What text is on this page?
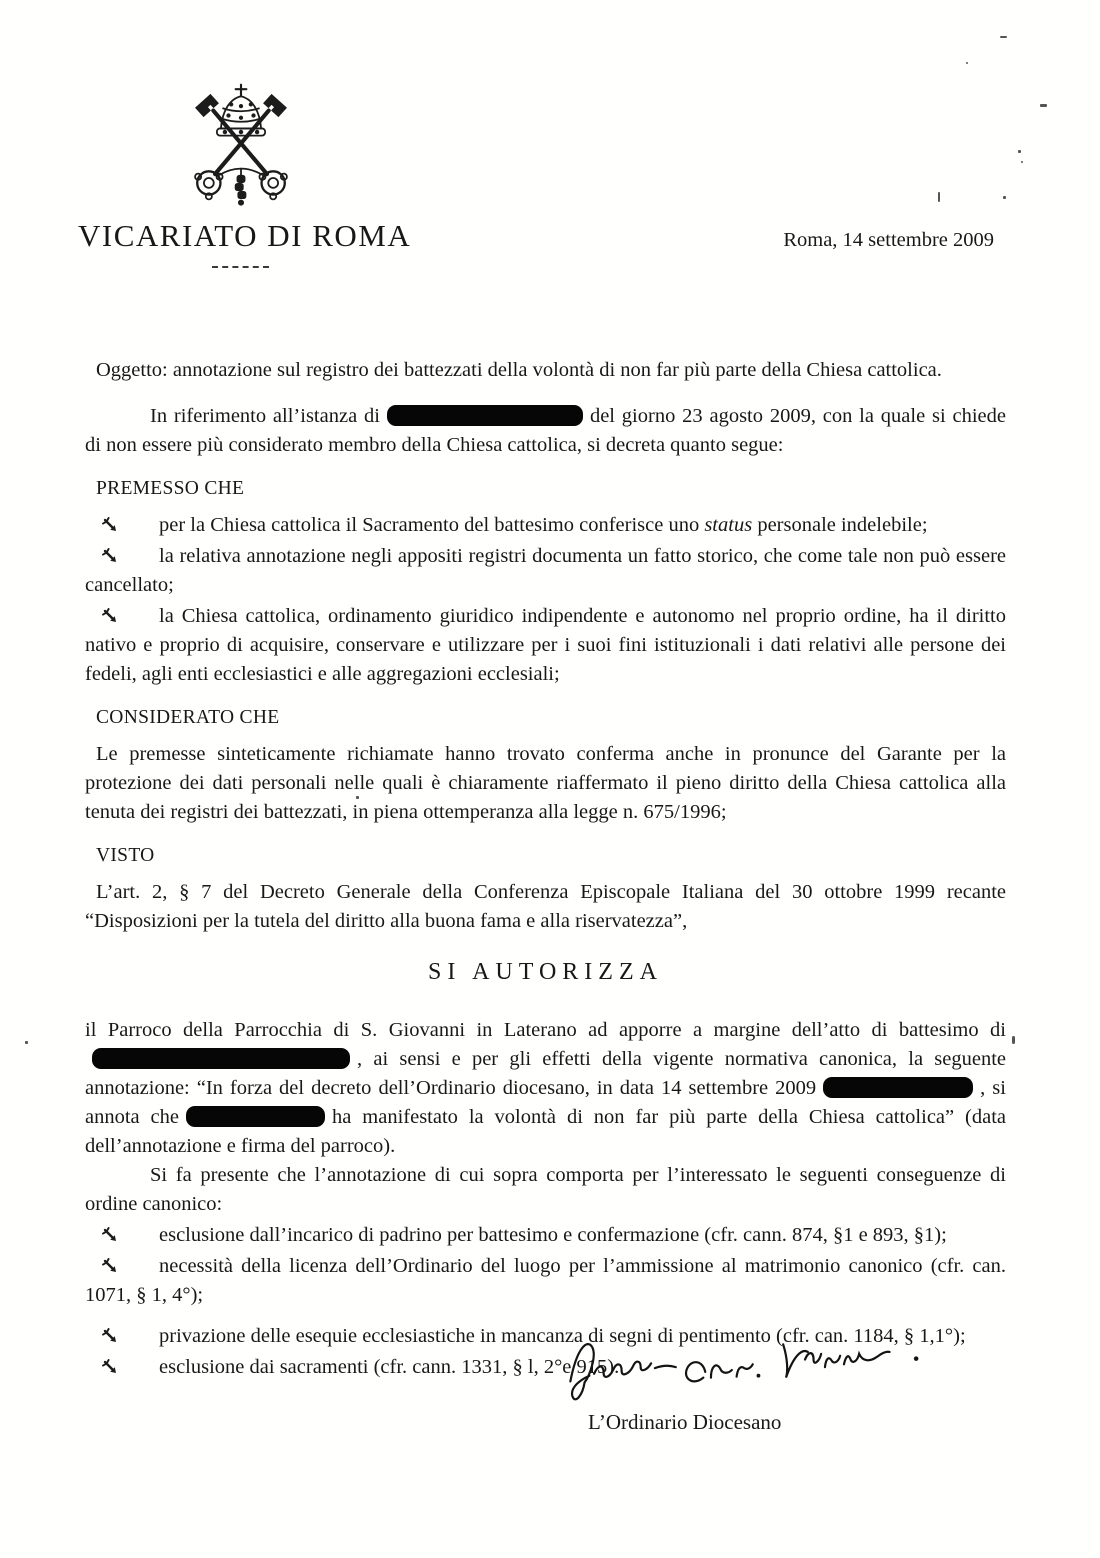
VICARIATO DI ROMA	Roma, 14 settembre 2009

Oggetto: annotazione sul registro dei battezzati della volontà di non far più parte della Chiesa cattolica.

In riferimento all’istanza di	del giorno 23 agosto 2009, con la quale si chiede di non essere più considerato membro della Chiesa cattolica, si decreta quanto segue:

PREMESSO CHE

per la Chiesa cattolica il Sacramento del battesimo conferisce uno status personale indelebile;

la relativa annotazione negli appositi registri documenta un fatto storico, che come tale non può essere cancellato;

la Chiesa cattolica, ordinamento giuridico indipendente e autonomo nel proprio ordine, ha il diritto nativo e proprio di acquisire, conservare e utilizzare per i suoi fini istituzionali i dati relativi alle persone dei fedeli, agli enti ecclesiastici e alle aggregazioni ecclesiali;

CONSIDERATO CHE

Le premesse sinteticamente richiamate hanno trovato conferma anche in pronunce del Garante per la protezione dei dati personali nelle quali è chiaramente riaffermato il pieno diritto della Chiesa cattolica alla tenuta dei registri dei battezzati, in piena ottemperanza alla legge n. 675/1996;

VISTO

L’art. 2, § 7 del Decreto Generale della Conferenza Episcopale Italiana del 30 ottobre 1999 recante “Disposizioni per la tutela del diritto alla buona fama e alla riservatezza”,

SI AUTORIZZA

il Parroco della Parrocchia di S. Giovanni in Laterano ad apporre a margine dell’atto di battesimo di, ai sensi e per gli effetti della vigente normativa canonica, la seguente annotazione: “In forza del decreto dell’Ordinario diocesano, in data 14 settembre 2009	, si annota che	ha manifestato la volontà di non far più parte della Chiesa cattolica” (data dell’annotazione e firma del parroco).

Si fa presente che l’annotazione di cui sopra comporta per l’interessato le seguenti conseguenze di ordine canonico:

esclusione dall’incarico di padrino per battesimo e confermazione (cfr. cann. 874, §1 e 893, §1);

necessità della licenza dell’Ordinario del luogo per l’ammissione al matrimonio canonico (cfr. can. 1071, § 1, 4°);

privazione delle esequie ecclesiastiche in mancanza di segni di pentimento (cfr. can. 1184, § 1,1°);

esclusione dai sacramenti (cfr. cann. 1331, § l, 2°e 915).

L’Ordinario Diocesano
